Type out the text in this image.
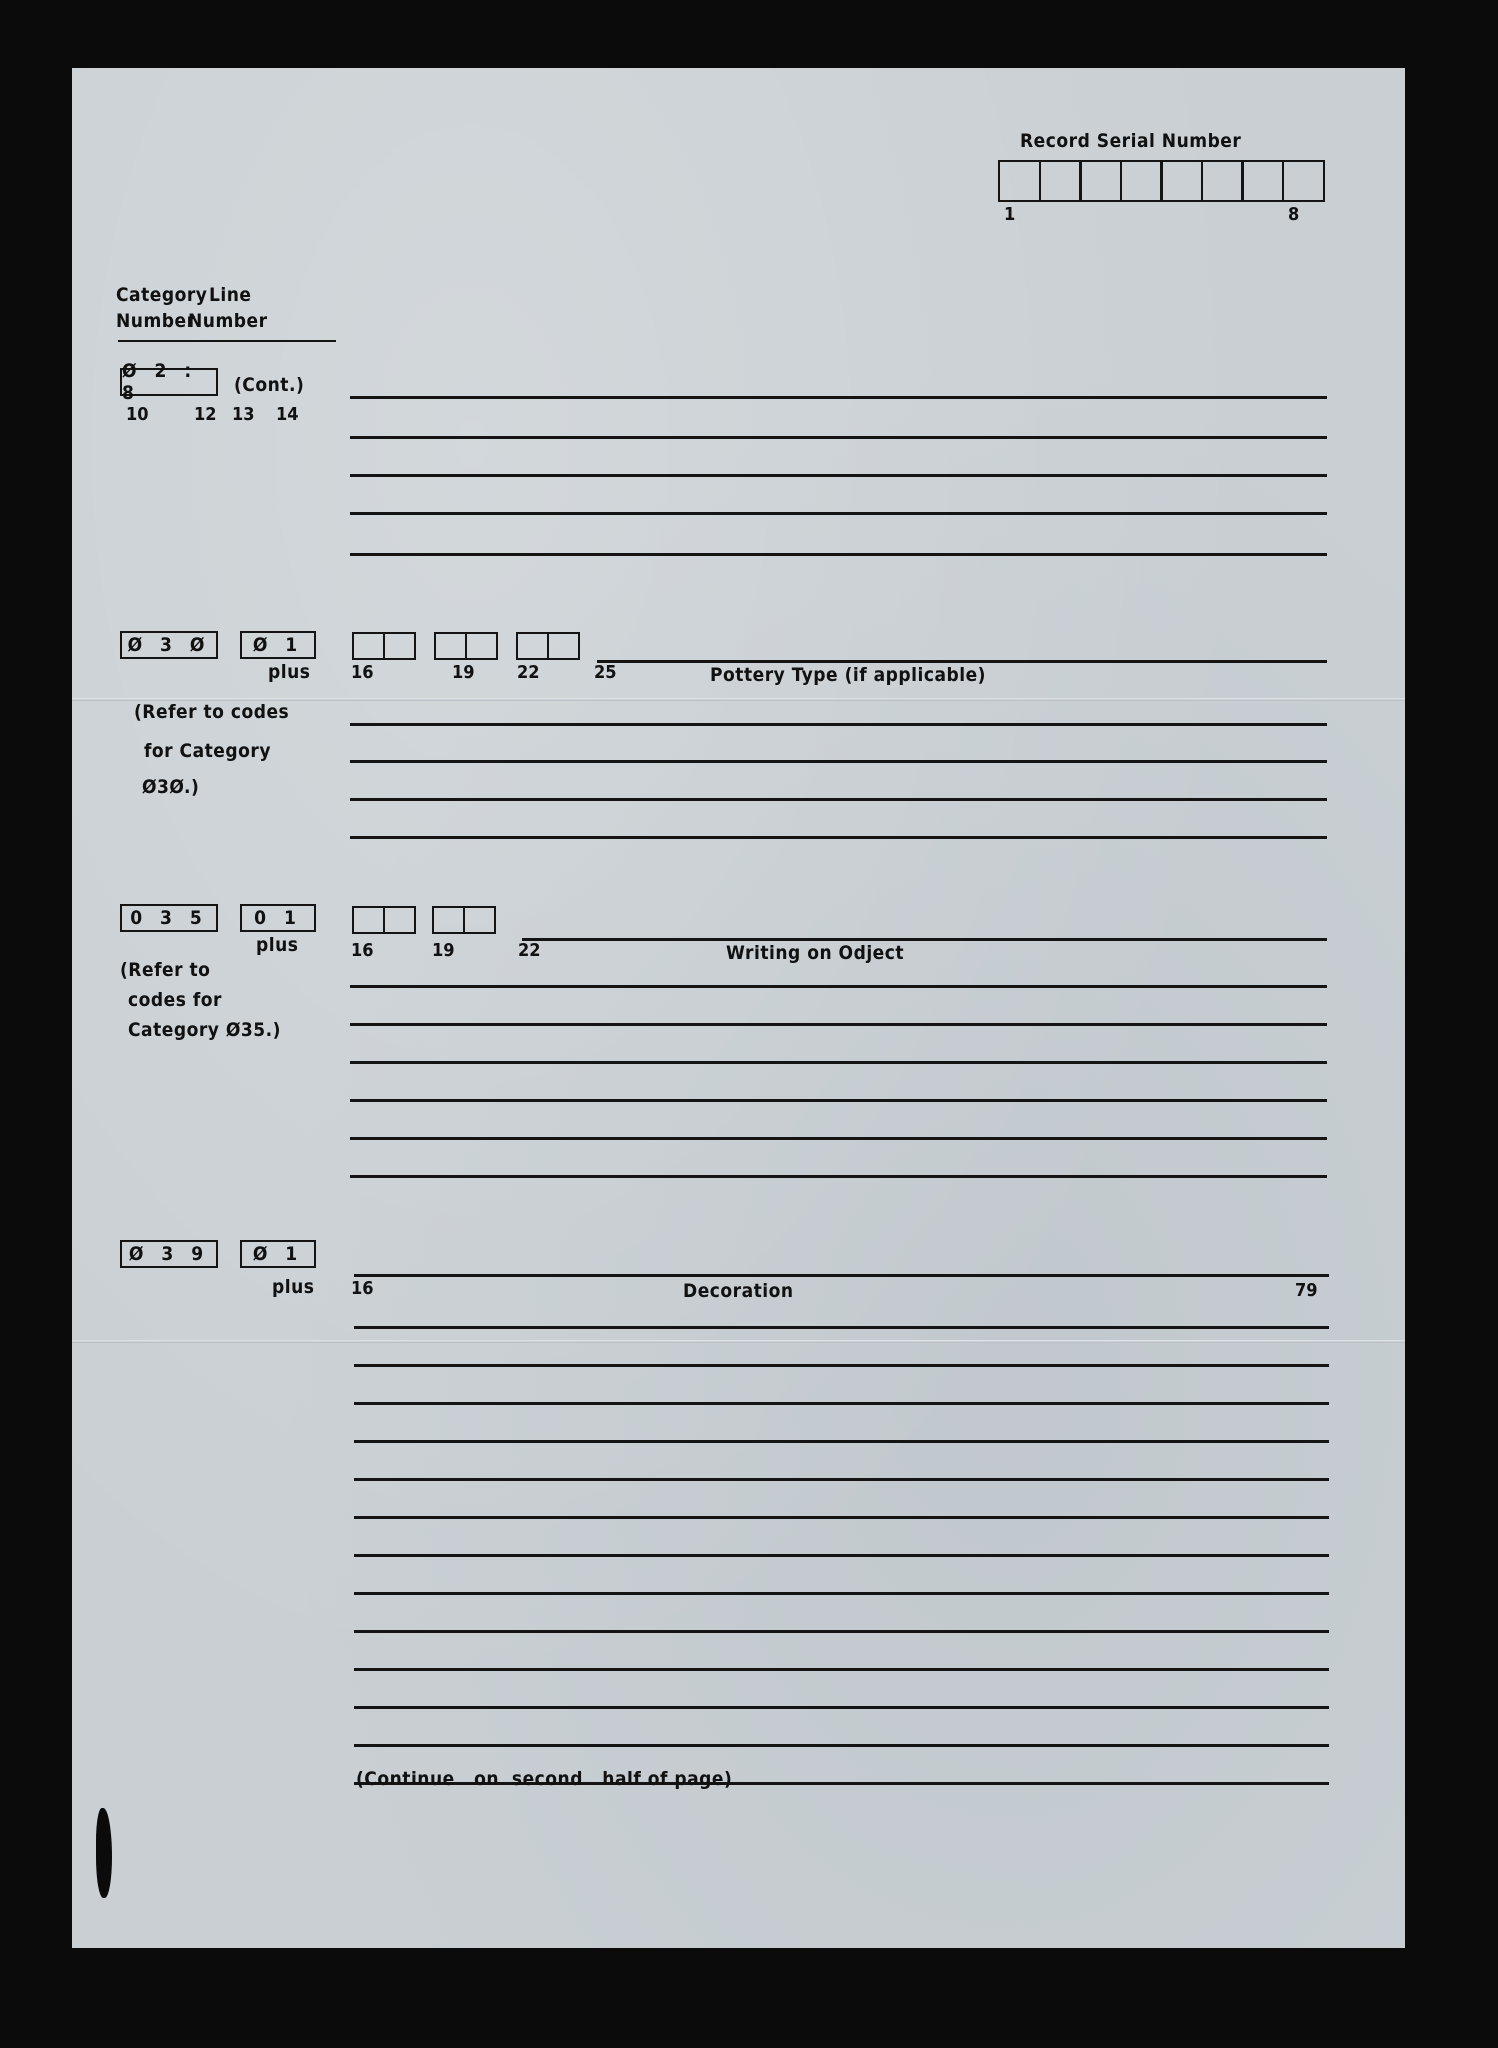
Record Serial Number
1	8
Category Line
Number
Number
Ø 2 : 8	(Cont.)
10	12 13 14
Ø 3 Ø	Ø 1
plus 16	19 22	25	Pottery Type (if applicable)
(Refer to codes
for Category
Ø3Ø.)
0 3 5	0 1
plus	16	19	22	Writing on Odject
(Refer to
codes for
Category Ø35.)
Ø 3 9	Ø 1
plus 16	Decoration	79
(Continue   on  second   half of page)
